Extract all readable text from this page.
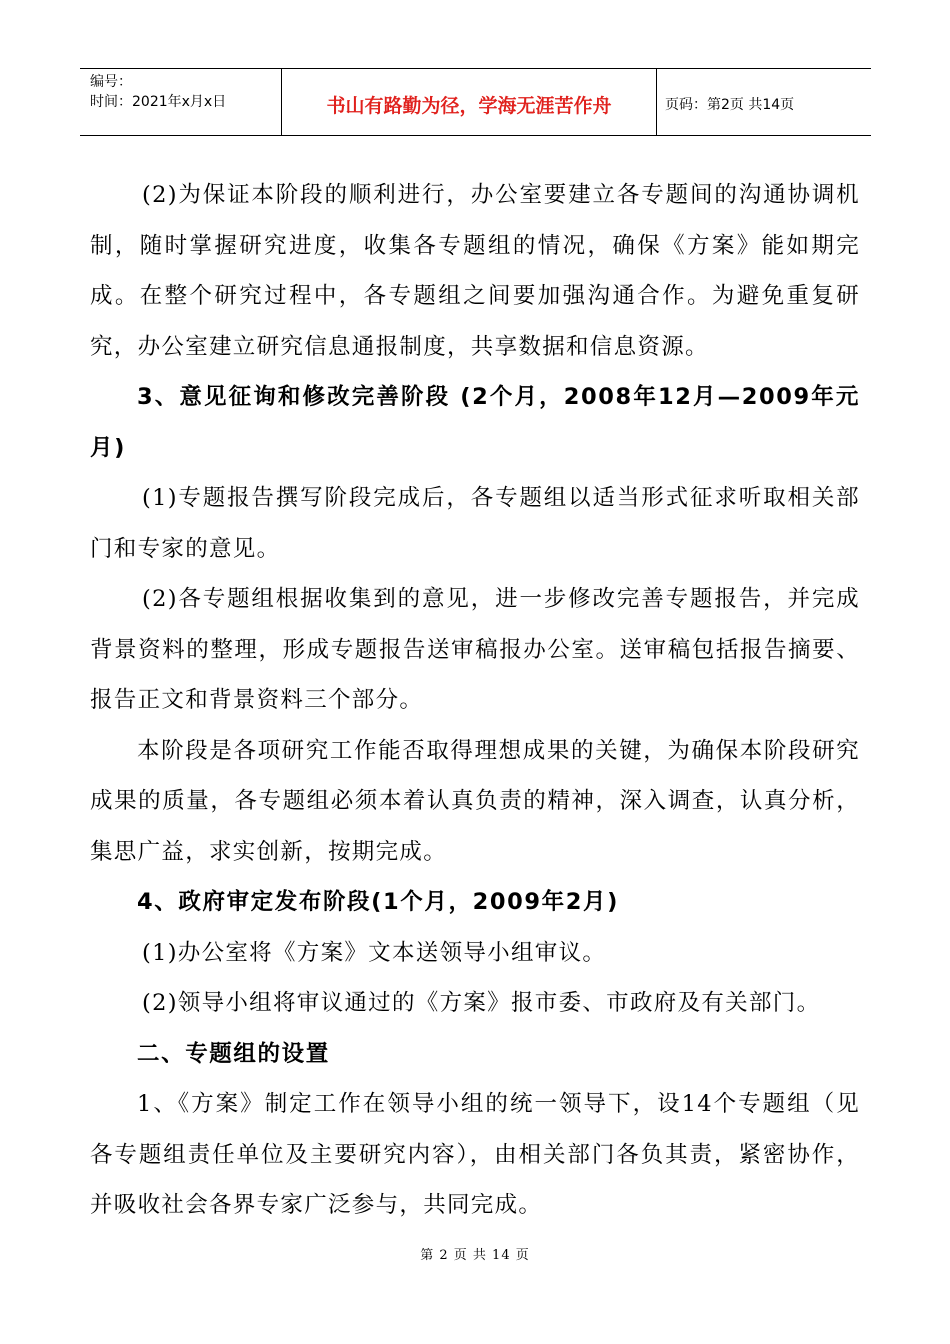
编号：
时间：2021年x月x日	书山有路勤为径，学海无涯苦作舟	页码：第2页 共14页

(2)为保证本阶段的顺利进行，办公室要建立各专题间的沟通协调机制，随时掌握研究进度，收集各专题组的情况，确保《方案》能如期完成。在整个研究过程中，各专题组之间要加强沟通合作。为避免重复研究，办公室建立研究信息通报制度，共享数据和信息资源。

3、意见征询和修改完善阶段 (2个月，2008年12月—2009年元月)

(1)专题报告撰写阶段完成后，各专题组以适当形式征求听取相关部门和专家的意见。

(2)各专题组根据收集到的意见，进一步修改完善专题报告，并完成背景资料的整理，形成专题报告送审稿报办公室。送审稿包括报告摘要、报告正文和背景资料三个部分。

本阶段是各项研究工作能否取得理想成果的关键，为确保本阶段研究成果的质量，各专题组必须本着认真负责的精神，深入调查，认真分析，集思广益，求实创新，按期完成。

4、政府审定发布阶段(1个月，2009年2月)

(1)办公室将《方案》文本送领导小组审议。

(2)领导小组将审议通过的《方案》报市委、市政府及有关部门。

二、专题组的设置

1、《方案》制定工作在领导小组的统一领导下，设14个专题组（见各专题组责任单位及主要研究内容），由相关部门各负其责，紧密协作，并吸收社会各界专家广泛参与，共同完成。

第 2 页 共 14 页
